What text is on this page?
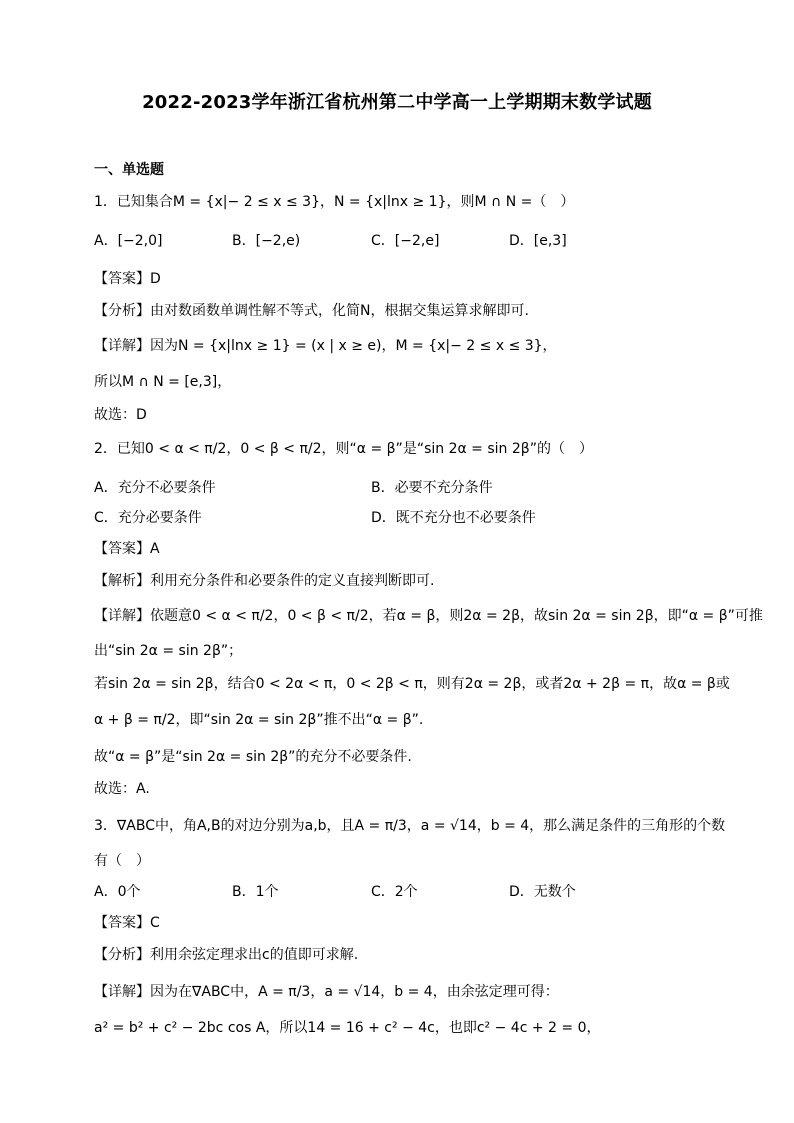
2022-2023学年浙江省杭州第二中学高一上学期期末数学试题
一、单选题
1．已知集合M = {x|− 2 ≤ x ≤ 3}，N = {x|lnx ≥ 1}，则M ∩ N =（　）
A．[−2,0]	B．[−2,e)	C．[−2,e]	D．[e,3]
【答案】D
【分析】由对数函数单调性解不等式，化简N，根据交集运算求解即可.
【详解】因为N = {x|lnx ≥ 1} = (x | x ≥ e)，M = {x|− 2 ≤ x ≤ 3}，
所以M ∩ N = [e,3]，
故选：D
2．已知0 < α < π/2，0 < β < π/2，则“α = β”是“sin 2α = sin 2β”的（　）
A．充分不必要条件	B．必要不充分条件
C．充分必要条件	D．既不充分也不必要条件
【答案】A
【解析】利用充分条件和必要条件的定义直接判断即可.
【详解】依题意0 < α < π/2，0 < β < π/2，若α = β，则2α = 2β，故sin 2α = sin 2β，即“α = β”可推
出“sin 2α = sin 2β”；
若sin 2α = sin 2β，结合0 < 2α < π，0 < 2β < π，则有2α = 2β，或者2α + 2β = π，故α = β或
α + β = π/2，即“sin 2α = sin 2β”推不出“α = β”.
故“α = β”是“sin 2α = sin 2β”的充分不必要条件.
故选：A.
3．∇ABC中，角A,B的对边分别为a,b，且A = π/3，a = √14，b = 4，那么满足条件的三角形的个数
有（　）
A．0个	B．1个	C．2个	D．无数个
【答案】C
【分析】利用余弦定理求出c的值即可求解.
【详解】因为在∇ABC中，A = π/3，a = √14，b = 4，由余弦定理可得：
a² = b² + c² − 2bc cos A，所以14 = 16 + c² − 4c，也即c² − 4c + 2 = 0，
